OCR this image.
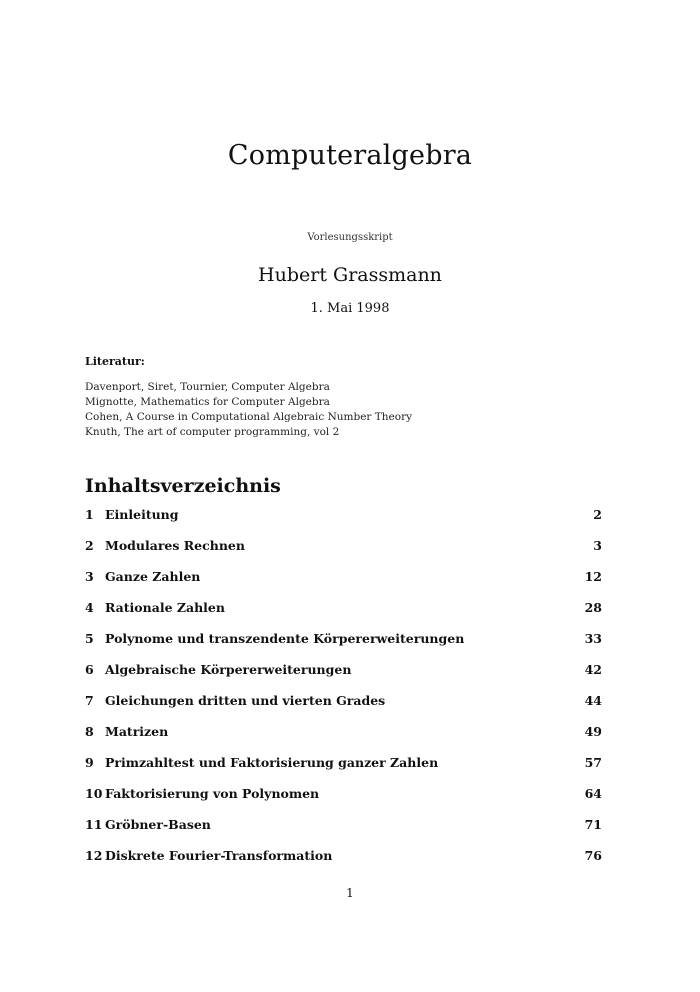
Computeralgebra
Vorlesungsskript
Hubert Grassmann
1. Mai 1998
Literatur:
Davenport, Siret, Tournier, Computer Algebra
Mignotte, Mathematics for Computer Algebra
Cohen, A Course in Computational Algebraic Number Theory
Knuth, The art of computer programming, vol 2
Inhaltsverzeichnis
1 Einleitung	2
2 Modulares Rechnen	3
3 Ganze Zahlen	12
4 Rationale Zahlen	28
5 Polynome und transzendente Körpererweiterungen	33
6 Algebraische Körpererweiterungen	42
7 Gleichungen dritten und vierten Grades	44
8 Matrizen	49
9 Primzahltest und Faktorisierung ganzer Zahlen	57
10 Faktorisierung von Polynomen	64
11 Gröbner-Basen	71
12 Diskrete Fourier-Transformation	76
1
